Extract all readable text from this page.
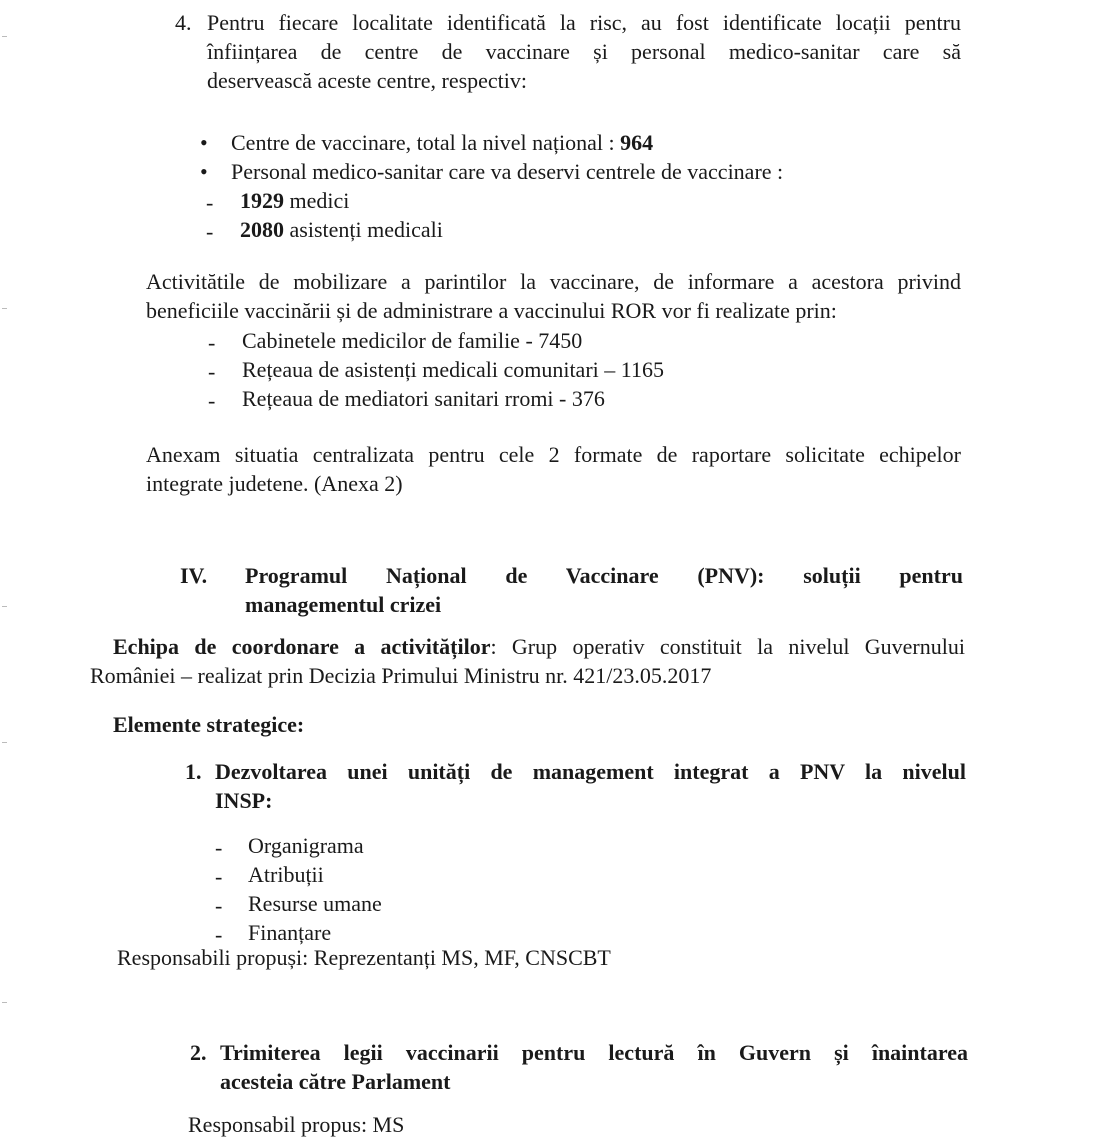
4. Pentru fiecare localitate identificată la risc, au fost identificate locații pentru
înființarea de centre de vaccinare și personal medico-sanitar care să
deservească aceste centre, respectiv:
• Centre de vaccinare, total la nivel național : 964
• Personal medico-sanitar care va deservi centrele de vaccinare :
- 1929 medici
- 2080 asistenți medicali
Activitătile de mobilizare a parintilor la vaccinare, de informare a acestora privind
beneficiile vaccinării și de administrare a vaccinului ROR vor fi realizate prin:
- Cabinetele medicilor de familie - 7450
- Rețeaua de asistenți medicali comunitari – 1165
- Rețeaua de mediatori sanitari rromi - 376
Anexam situatia centralizata pentru cele 2 formate de raportare solicitate echipelor
integrate judetene. (Anexa 2)
IV. Programul Național de Vaccinare (PNV): soluții pentru
managementul crizei
Echipa de coordonare a activităților: Grup operativ constituit la nivelul Guvernului
României – realizat prin Decizia Primului Ministru nr. 421/23.05.2017
Elemente strategice:
1. Dezvoltarea unei unități de management integrat a PNV la nivelul
INSP:
- Organigrama
- Atribuții
- Resurse umane
- Finanțare
Responsabili propuși: Reprezentanți MS, MF, CNSCBT
2. Trimiterea legii vaccinarii pentru lectură în Guvern și înaintarea
acesteia către Parlament
Responsabil propus: MS
